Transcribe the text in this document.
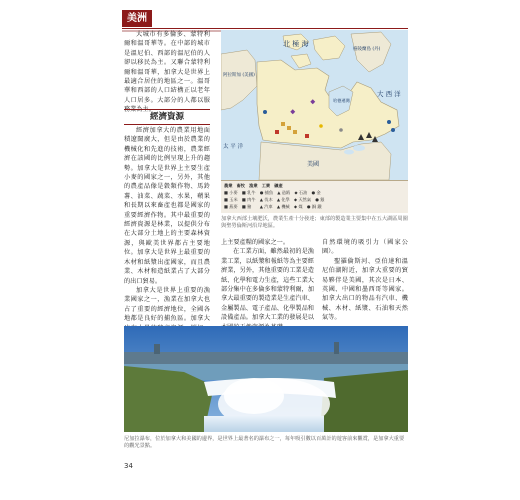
美洲

大城市有多倫多、蒙特利爾和溫哥華等。在中部的城市是溫尼伯、西部的溫尼伯的人卻以移民為主。又聯合蒙特利爾和溫哥華，加拿大是世界上最適合居住的地區之一。溫哥華和西部的人口結構正以老年人口居多。大部分的人都以服務業為主。

經濟資源

經濟加拿大的農業用地面積遼闊廣大，但是由於農業的機械化和先進的技術，農業經濟在該國的比例呈現上升的趨勢。加拿大是世界上主要生產小麥的國家之一，另外，其他的農產品像是穀類作物、馬鈴薯、油菜、蔬菜、水果，蘋果和長期以來畜產也都是國家的重要經濟作物。其中最重要的經濟資源是林業，以提供分布在大部分土地上的主要森林資源，與歐美世界都占主要地位。加拿大是世界上最重要的木材和紙漿出產國家，而且農業、木材和造紙業占了大部分的出口貿易。

加拿大是世界上重要的漁業國家之一，漁業在加拿大也占了重要的經濟地位，全國各地都是良好的捕魚區。加拿大

北 極 海
格陵蘭島 (丹)
阿拉斯加 (美國)
哈德遜灣
大 西 洋
太 平 洋
美國
農業　畜牧　漁業　工業　礦產
■ 小麥　■ 乳牛　● 捕魚　▲ 造紙　◆ 石油　● 金
■ 玉米　■ 肉牛　▲ 伐木　▲ 化學　◆ 天然氣　● 銀
■ 燕麥　■ 豬　　▲ 汽車　▲ 機械　◆ 煤　● 銅 鐵
加拿大西部土壤肥沃，農業生產十分發達；東部的製造業主要集中在五大湖區周圍與聖勞倫斯河沿岸地區。

上主要產糧的國家之一。

在工業方面，雖然最初的是漁業工業，以紙漿和報紙等為主要經濟業，另外，其他重要的工業是造紙、化學和電力生產，這些工業大部分集中在多倫多和蒙特利爾，加拿大最重要的製造業是生產汽車、金屬製品、電子產品、化學製品和設備產品。加拿大工業的發展是以

自然環境的吸引力（國家公園）。

聖羅倫斯河、亞伯達和溫尼伯湖附近，加拿大重要的貿易夥伴是美國，其次是日本、英國、中國和墨西哥等國家。加拿大出口的物品有汽車、機械、木材、紙漿、石油和天然氣等。

尼加拉瀑布，位於加拿大和美國的邊界，是世界上最著名的瀑布之一，每年吸引數以百萬計的遊客前來觀賞，是加拿大重要的觀光景點。
34
